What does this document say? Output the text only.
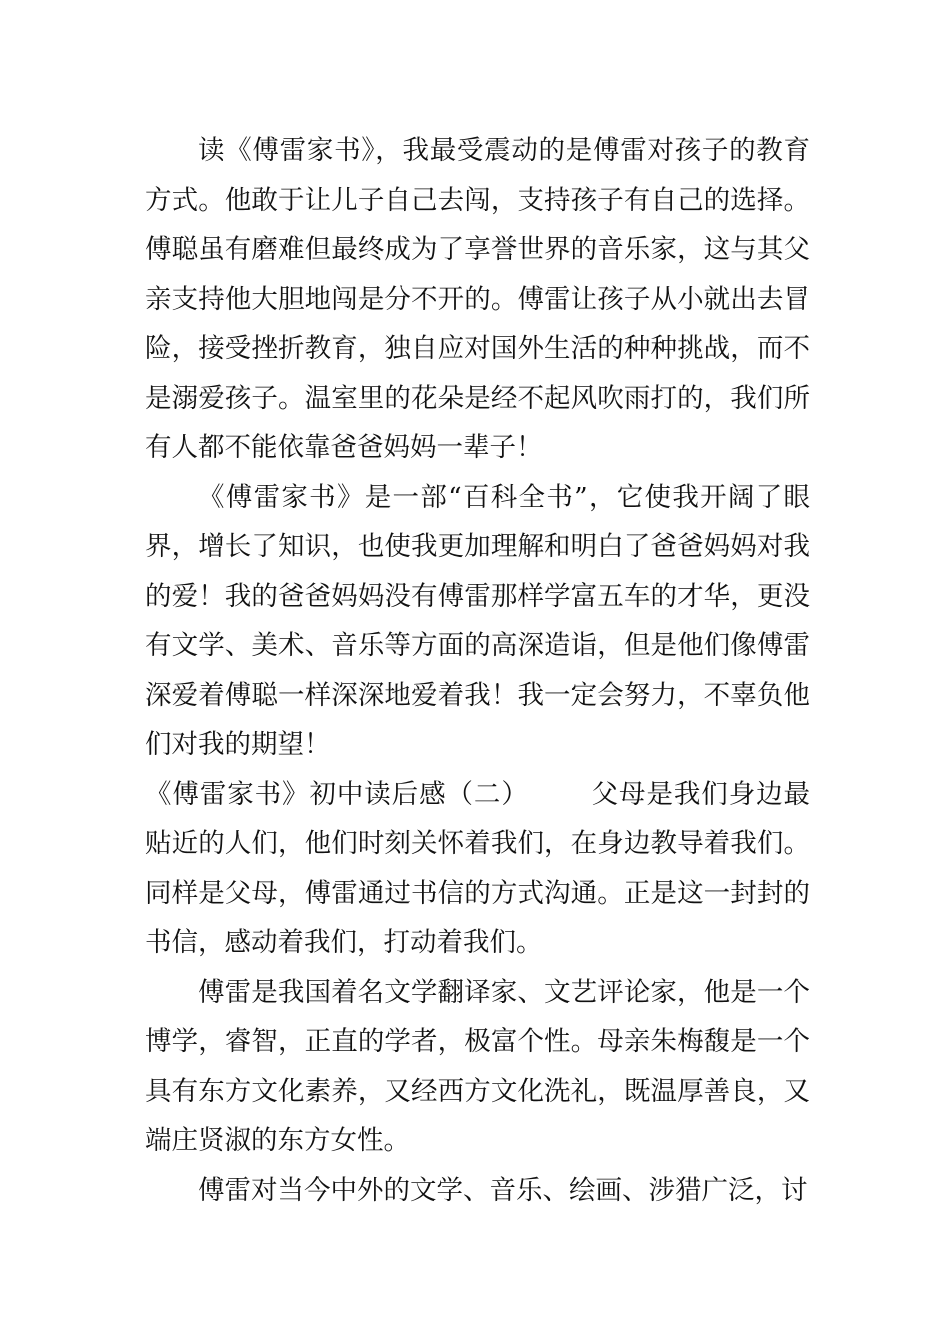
读《傅雷家书》，我最受震动的是傅雷对孩子的教育方式。他敢于让儿子自己去闯，支持孩子有自己的选择。傅聪虽有磨难但最终成为了享誉世界的音乐家，这与其父亲支持他大胆地闯是分不开的。傅雷让孩子从小就出去冒险，接受挫折教育，独自应对国外生活的种种挑战，而不是溺爱孩子。温室里的花朵是经不起风吹雨打的，我们所有人都不能依靠爸爸妈妈一辈子！

《傅雷家书》是一部“百科全书”，它使我开阔了眼界，增长了知识，也使我更加理解和明白了爸爸妈妈对我的爱！我的爸爸妈妈没有傅雷那样学富五车的才华，更没有文学、美术、音乐等方面的高深造诣，但是他们像傅雷深爱着傅聪一样深深地爱着我！我一定会努力，不辜负他们对我的期望！

《傅雷家书》初中读后感（二） 父母是我们身边最贴近的人们，他们时刻关怀着我们，在身边教导着我们。同样是父母，傅雷通过书信的方式沟通。正是这一封封的书信，感动着我们，打动着我们。

傅雷是我国着名文学翻译家、文艺评论家，他是一个博学，睿智，正直的学者，极富个性。母亲朱梅馥是一个具有东方文化素养，又经西方文化洗礼，既温厚善良，又端庄贤淑的东方女性。

傅雷对当今中外的文学、音乐、绘画、涉猎广泛，讨
